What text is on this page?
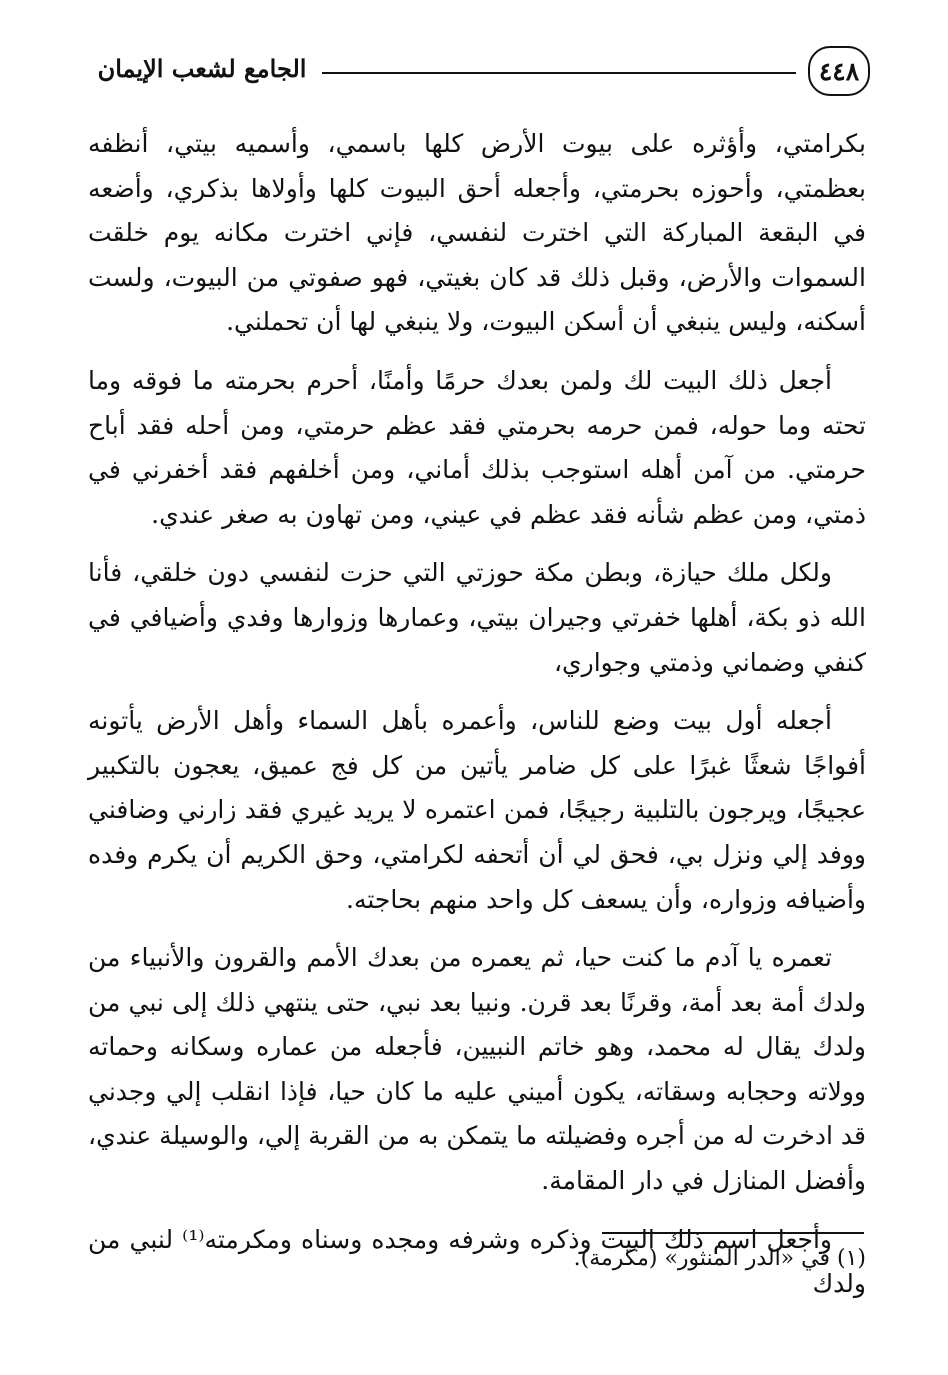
الجامع لشعب الإيمان	٤٤٨

بكرامتي، وأؤثره على بيوت الأرض كلها باسمي، وأسميه بيتي، أنظفه بعظمتي، وأحوزه بحرمتي، وأجعله أحق البيوت كلها وأولاها بذكري، وأضعه في البقعة المباركة التي اخترت لنفسي، فإني اخترت مكانه يوم خلقت السموات والأرض، وقبل ذلك قد كان بغيتي، فهو صفوتي من البيوت، ولست أسكنه، وليس ينبغي أن أسكن البيوت، ولا ينبغي لها أن تحملني.

أجعل ذلك البيت لك ولمن بعدك حرمًا وأمنًا، أحرم بحرمته ما فوقه وما تحته وما حوله، فمن حرمه بحرمتي فقد عظم حرمتي، ومن أحله فقد أباح حرمتي. من آمن أهله استوجب بذلك أماني، ومن أخلفهم فقد أخفرني في ذمتي، ومن عظم شأنه فقد عظم في عيني، ومن تهاون به صغر عندي.

ولكل ملك حيازة، وبطن مكة حوزتي التي حزت لنفسي دون خلقي، فأنا الله ذو بكة، أهلها خفرتي وجيران بيتي، وعمارها وزوارها وفدي وأضيافي في كنفي وضماني وذمتي وجواري،

أجعله أول بيت وضع للناس، وأعمره بأهل السماء وأهل الأرض يأتونه أفواجًا شعثًا غبرًا على كل ضامر يأتين من كل فج عميق، يعجون بالتكبير عجيجًا، ويرجون بالتلبية رجيجًا، فمن اعتمره لا يريد غيري فقد زارني وضافني ووفد إلي ونزل بي، فحق لي أن أتحفه لكرامتي، وحق الكريم أن يكرم وفده وأضيافه وزواره، وأن يسعف كل واحد منهم بحاجته.

تعمره يا آدم ما كنت حيا، ثم يعمره من بعدك الأمم والقرون والأنبياء من ولدك أمة بعد أمة، وقرنًا بعد قرن. ونبيا بعد نبي، حتى ينتهي ذلك إلى نبي من ولدك يقال له محمد، وهو خاتم النبيين، فأجعله من عماره وسكانه وحماته وولاته وحجابه وسقاته، يكون أميني عليه ما كان حيا، فإذا انقلب إلي وجدني قد ادخرت له من أجره وفضيلته ما يتمكن به من القربة إلي، والوسيلة عندي، وأفضل المنازل في دار المقامة.

وأجعل اسم ذلك البيت وذكره وشرفه ومجده وسناه ومكرمته⁽¹⁾ لنبي من ولدك

(١) في «الدر المنثور» (مكرمة).
